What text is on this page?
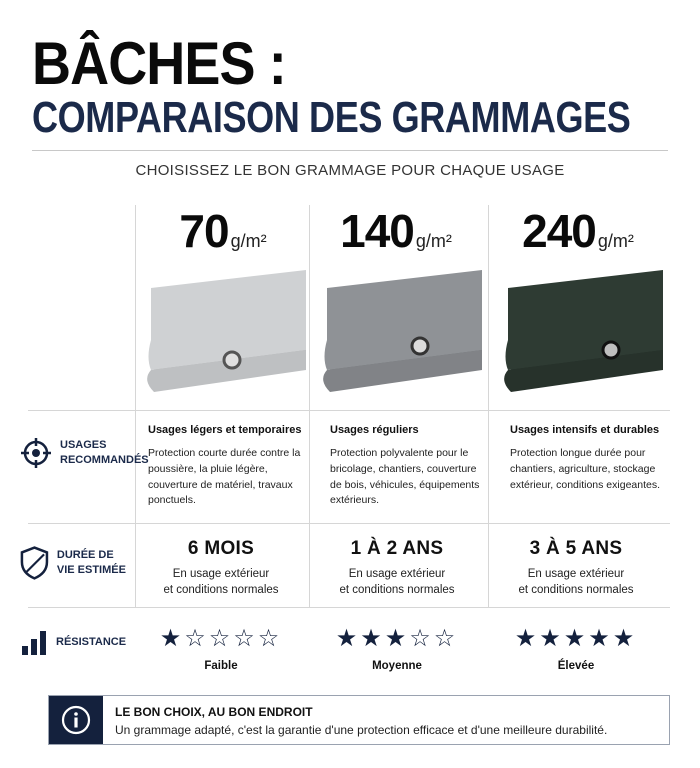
BÂCHES :
COMPARAISON DES GRAMMAGES
CHOISISSEZ LE BON GRAMMAGE POUR CHAQUE USAGE
USAGES RECOMMANDÉS
DURÉE DE VIE ESTIMÉE
RÉSISTANCE
70 g/m²
Usages légers et temporaires
Protection courte durée contre la poussière, la pluie légère, couverture de matériel, travaux ponctuels.
6 MOIS
En usage extérieur
et conditions normales
★☆☆☆☆
Faible
140 g/m²
Usages réguliers
Protection polyvalente pour le bricolage, chantiers, couverture de bois, véhicules, équipements extérieurs.
1 À 2 ANS
En usage extérieur
et conditions normales
★★★☆☆
Moyenne
240 g/m²
Usages intensifs et durables
Protection longue durée pour chantiers, agriculture, stockage extérieur, conditions exigeantes.
3 À 5 ANS
En usage extérieur
et conditions normales
★★★★★
Élevée
LE BON CHOIX, AU BON ENDROIT
Un grammage adapté, c'est la garantie d'une protection efficace et d'une meilleure durabilité.
